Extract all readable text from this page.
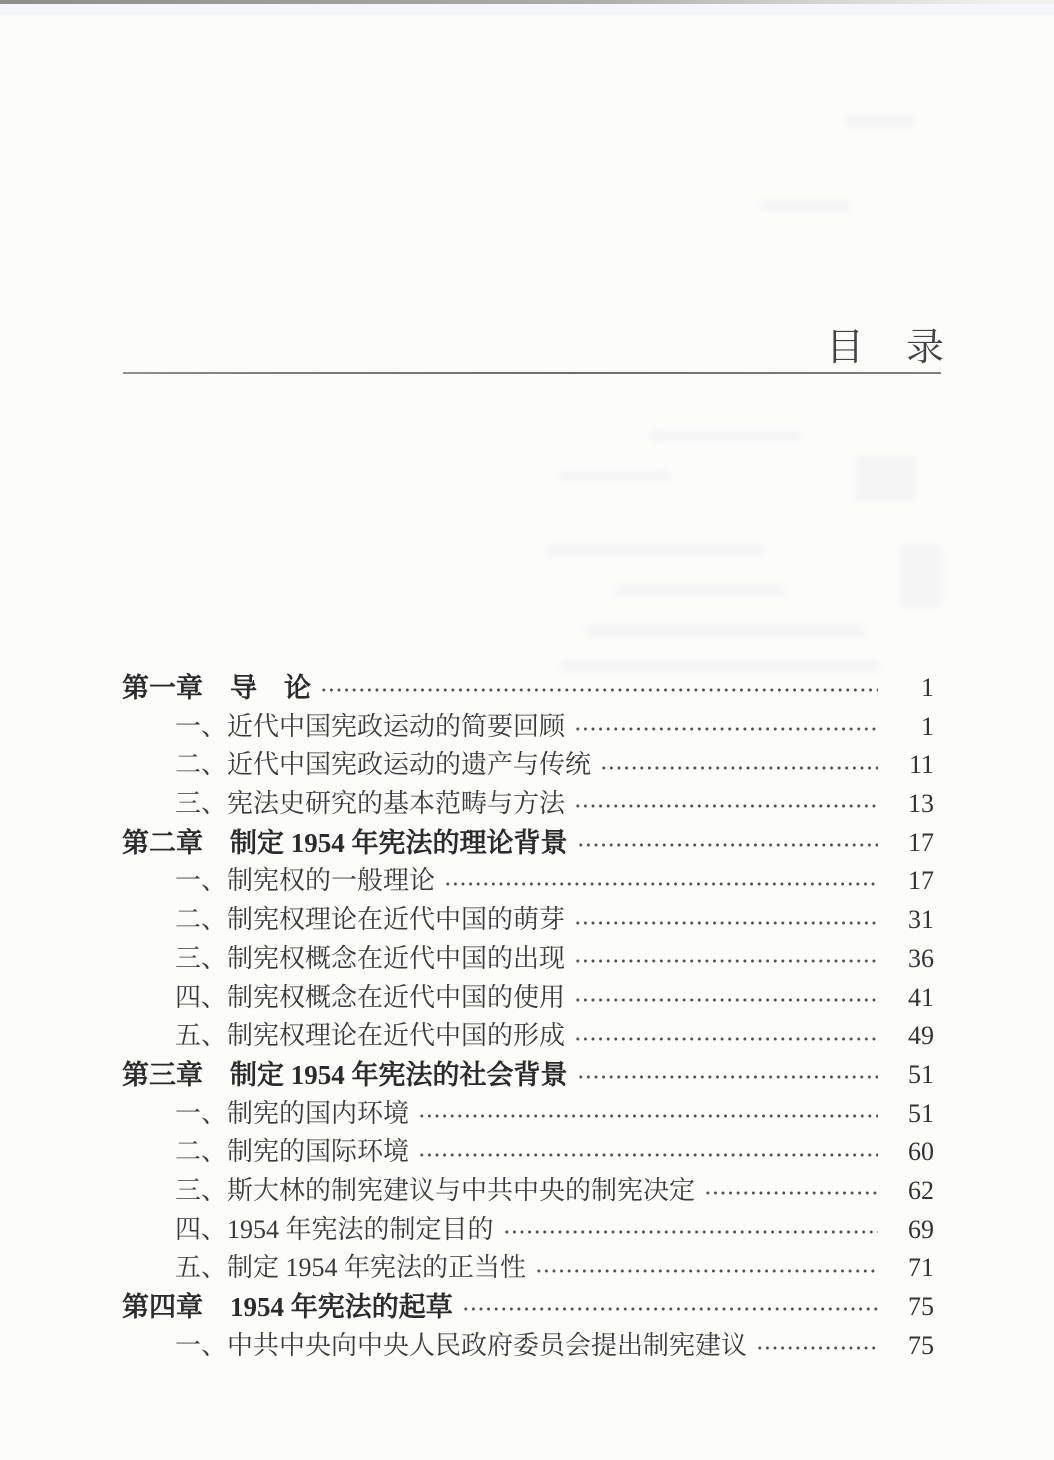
目　录
第一章　导　论	1
一、近代中国宪政运动的简要回顾	1
二、近代中国宪政运动的遗产与传统	11
三、宪法史研究的基本范畴与方法	13
第二章　制定 1954 年宪法的理论背景	17
一、制宪权的一般理论	17
二、制宪权理论在近代中国的萌芽	31
三、制宪权概念在近代中国的出现	36
四、制宪权概念在近代中国的使用	41
五、制宪权理论在近代中国的形成	49
第三章　制定 1954 年宪法的社会背景	51
一、制宪的国内环境	51
二、制宪的国际环境	60
三、斯大林的制宪建议与中共中央的制宪决定	62
四、1954 年宪法的制定目的	69
五、制定 1954 年宪法的正当性	71
第四章　1954 年宪法的起草	75
一、中共中央向中央人民政府委员会提出制宪建议	75
